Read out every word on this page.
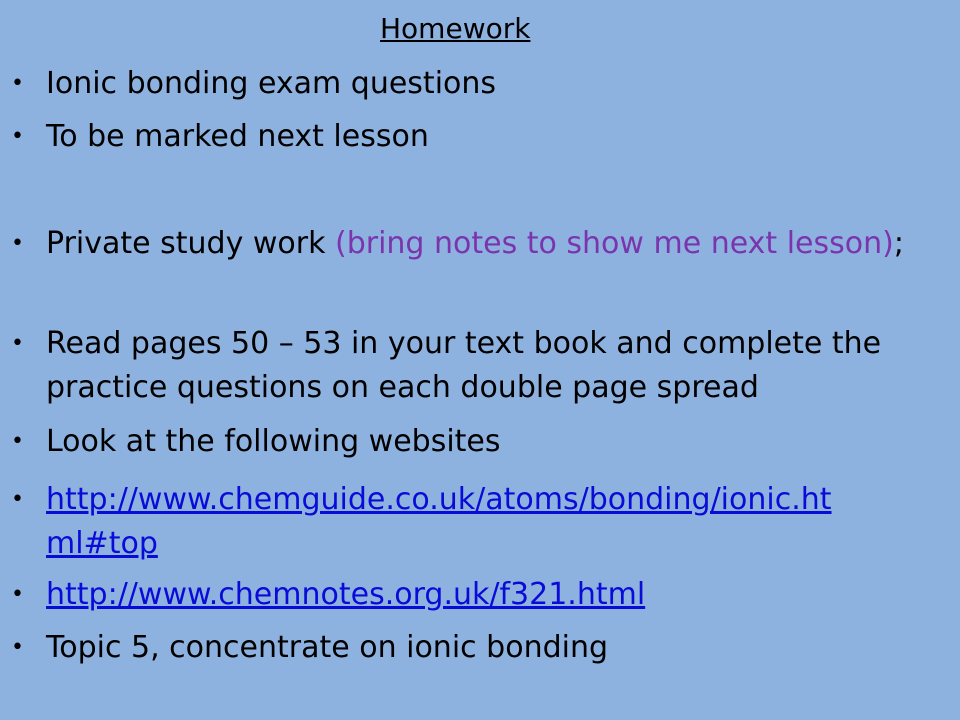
Homework
• Ionic bonding exam questions
• To be marked next lesson
• Private study work (bring notes to show me next lesson);
• Read pages 50 – 53 in your text book and complete the practice questions on each double page spread
• Look at the following websites
• http://www.chemguide.co.uk/atoms/bonding/ionic.ht
ml#top
• http://www.chemnotes.org.uk/f321.html
• Topic 5, concentrate on ionic bonding
